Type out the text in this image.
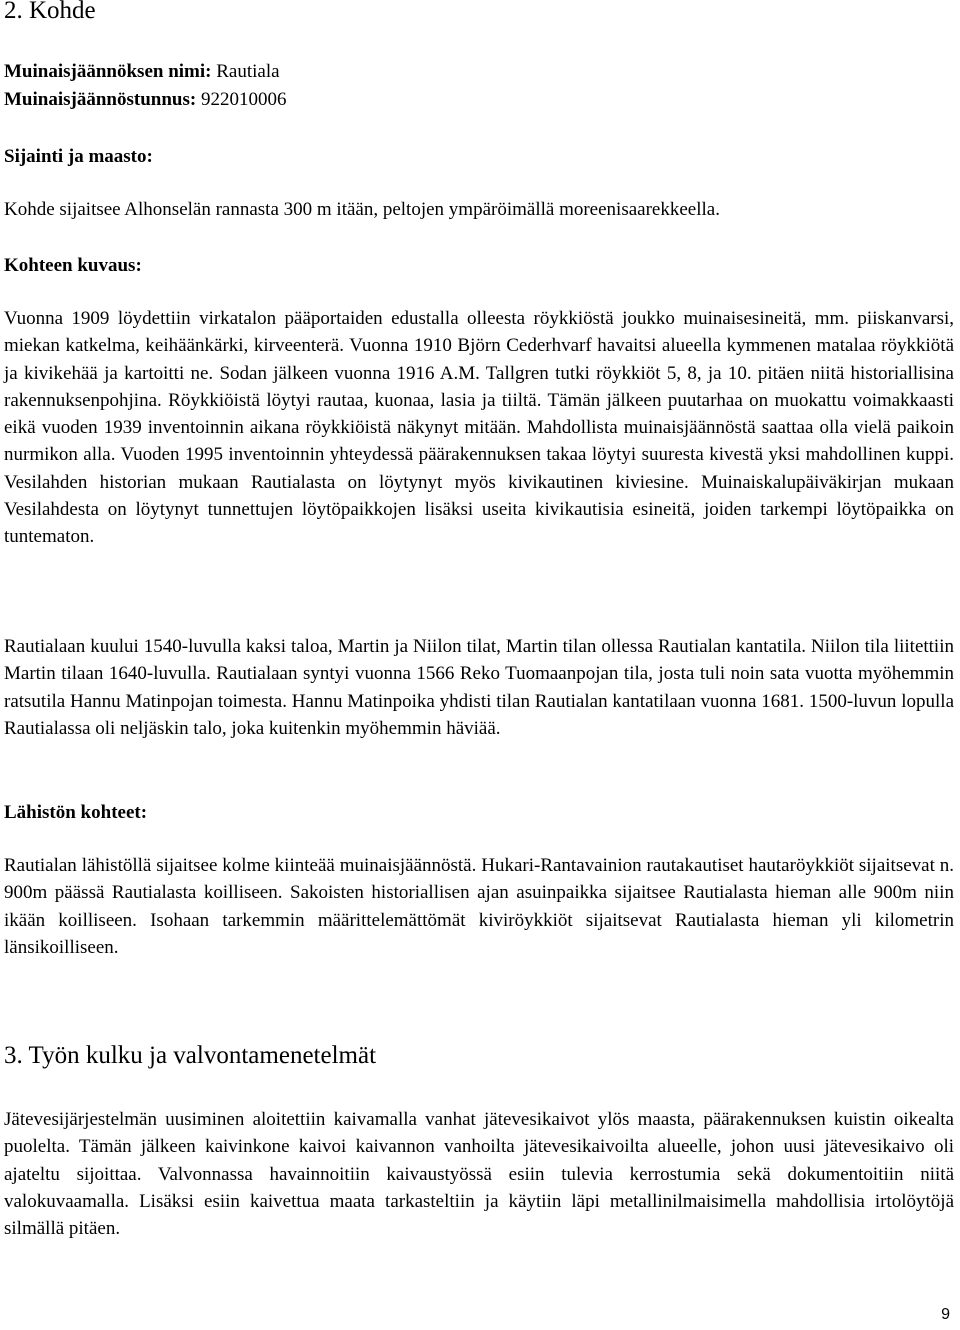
2. Kohde
Muinaisjäännöksen nimi: Rautiala
Muinaisjäännöstunnus: 922010006
Sijainti ja maasto:
Kohde sijaitsee Alhonselän rannasta 300 m itään, peltojen ympäröimällä moreenisaarekkeella.
Kohteen kuvaus:

Vuonna 1909 löydettiin virkatalon pääportaiden edustalla olleesta röykkiöstä joukko muinaisesineitä, mm. piiskanvarsi, miekan katkelma, keihäänkärki, kirveenterä. Vuonna 1910 Björn Cederhvarf havaitsi alueella kymmenen matalaa röykkiötä ja kivikehää ja kartoitti ne. Sodan jälkeen vuonna 1916 A.M. Tallgren tutki röykkiöt 5, 8, ja 10. pitäen niitä historiallisina rakennuksenpohjina. Röykkiöistä löytyi rautaa, kuonaa, lasia ja tiiltä. Tämän jälkeen puutarhaa on muokattu voimakkaasti eikä vuoden 1939 inventoinnin aikana röykkiöistä näkynyt mitään. Mahdollista muinaisjäännöstä saattaa olla vielä paikoin nurmikon alla. Vuoden 1995 inventoinnin yhteydessä päärakennuksen takaa löytyi suuresta kivestä yksi mahdollinen kuppi. Vesilahden historian mukaan Rautialasta on löytynyt myös kivikautinen kiviesine. Muinaiskalupäiväkirjan mukaan Vesilahdesta on löytynyt tunnettujen löytöpaikkojen lisäksi useita kivikautisia esineitä, joiden tarkempi löytöpaikka on tuntematon.

Rautialaan kuului 1540-luvulla kaksi taloa, Martin ja Niilon tilat, Martin tilan ollessa Rautialan kantatila. Niilon tila liitettiin Martin tilaan 1640-luvulla. Rautialaan syntyi vuonna 1566 Reko Tuomaanpojan tila, josta tuli noin sata vuotta myöhemmin ratsutila Hannu Matinpojan toimesta. Hannu Matinpoika yhdisti tilan Rautialan kantatilaan vuonna 1681. 1500-luvun lopulla Rautialassa oli neljäskin talo, joka kuitenkin myöhemmin häviää.

Lähistön kohteet:

Rautialan lähistöllä sijaitsee kolme kiinteää muinaisjäännöstä. Hukari-Rantavainion rautakautiset hautaröykkiöt sijaitsevat n. 900m päässä Rautialasta koilliseen. Sakoisten historiallisen ajan asuinpaikka sijaitsee Rautialasta hieman alle 900m niin ikään koilliseen. Isohaan tarkemmin määrittelemättömät kiviröykkiöt sijaitsevat Rautialasta hieman yli kilometrin länsikoilliseen.

3. Työn kulku ja valvontamenetelmät

Jätevesijärjestelmän uusiminen aloitettiin kaivamalla vanhat jätevesikaivot ylös maasta, päärakennuksen kuistin oikealta puolelta. Tämän jälkeen kaivinkone kaivoi kaivannon vanhoilta jätevesikaivoilta alueelle, johon uusi jätevesikaivo oli ajateltu sijoittaa. Valvonnassa havainnoitiin kaivaustyössä esiin tulevia kerrostumia sekä dokumentoitiin niitä valokuvaamalla. Lisäksi esiin kaivettua maata tarkasteltiin ja käytiin läpi metallinilmaisimella mahdollisia irtolöytöjä silmällä pitäen.

9
